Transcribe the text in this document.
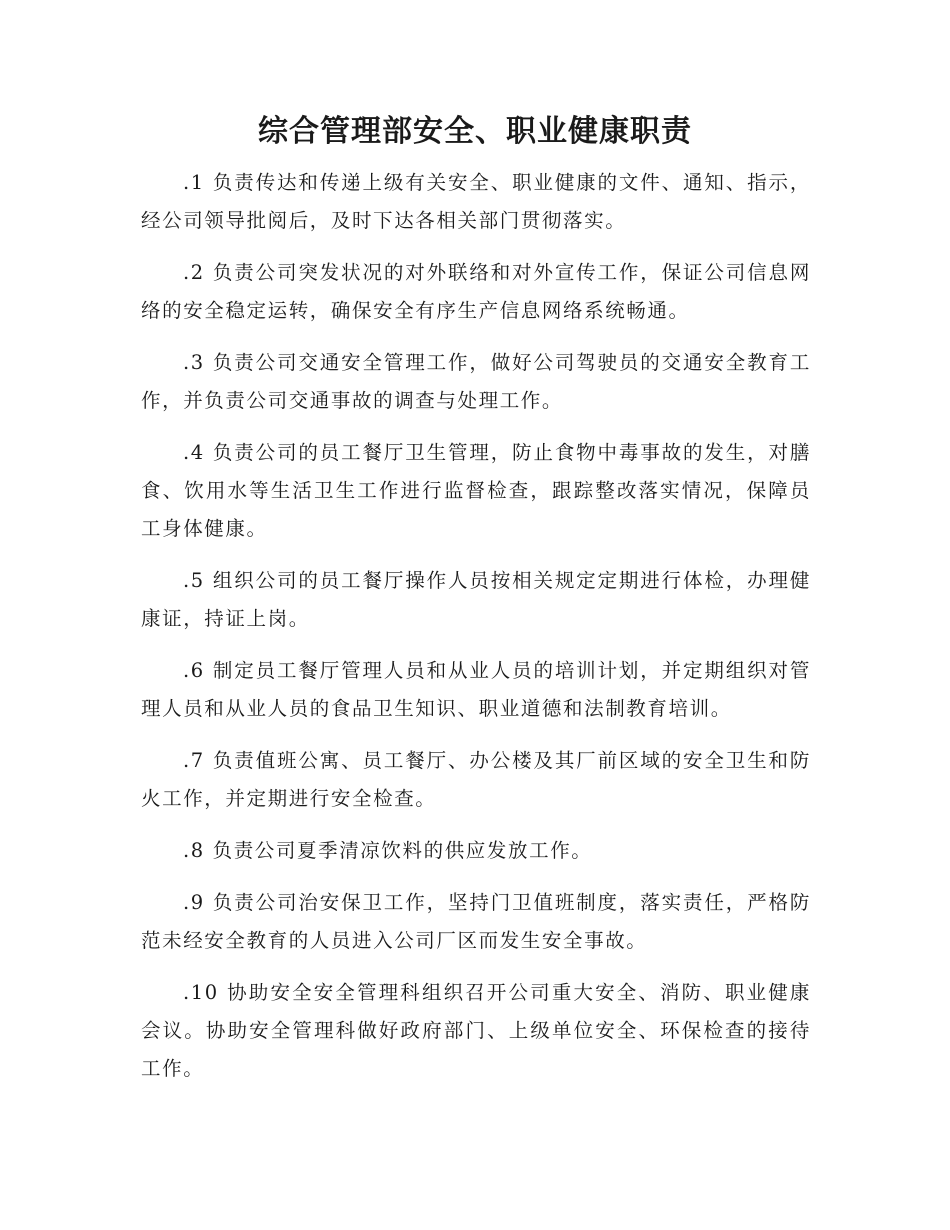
综合管理部安全、职业健康职责

.1 负责传达和传递上级有关安全、职业健康的文件、通知、指示，经公司领导批阅后，及时下达各相关部门贯彻落实。

.2 负责公司突发状况的对外联络和对外宣传工作，保证公司信息网络的安全稳定运转，确保安全有序生产信息网络系统畅通。

.3 负责公司交通安全管理工作，做好公司驾驶员的交通安全教育工作，并负责公司交通事故的调查与处理工作。

.4 负责公司的员工餐厅卫生管理，防止食物中毒事故的发生，对膳食、饮用水等生活卫生工作进行监督检查，跟踪整改落实情况，保障员工身体健康。

.5 组织公司的员工餐厅操作人员按相关规定定期进行体检，办理健康证，持证上岗。

.6 制定员工餐厅管理人员和从业人员的培训计划，并定期组织对管理人员和从业人员的食品卫生知识、职业道德和法制教育培训。

.7 负责值班公寓、员工餐厅、办公楼及其厂前区域的安全卫生和防火工作，并定期进行安全检查。

.8 负责公司夏季清凉饮料的供应发放工作。

.9 负责公司治安保卫工作，坚持门卫值班制度，落实责任，严格防范未经安全教育的人员进入公司厂区而发生安全事故。

.10 协助安全安全管理科组织召开公司重大安全、消防、职业健康会议。协助安全管理科做好政府部门、上级单位安全、环保检查的接待工作。
